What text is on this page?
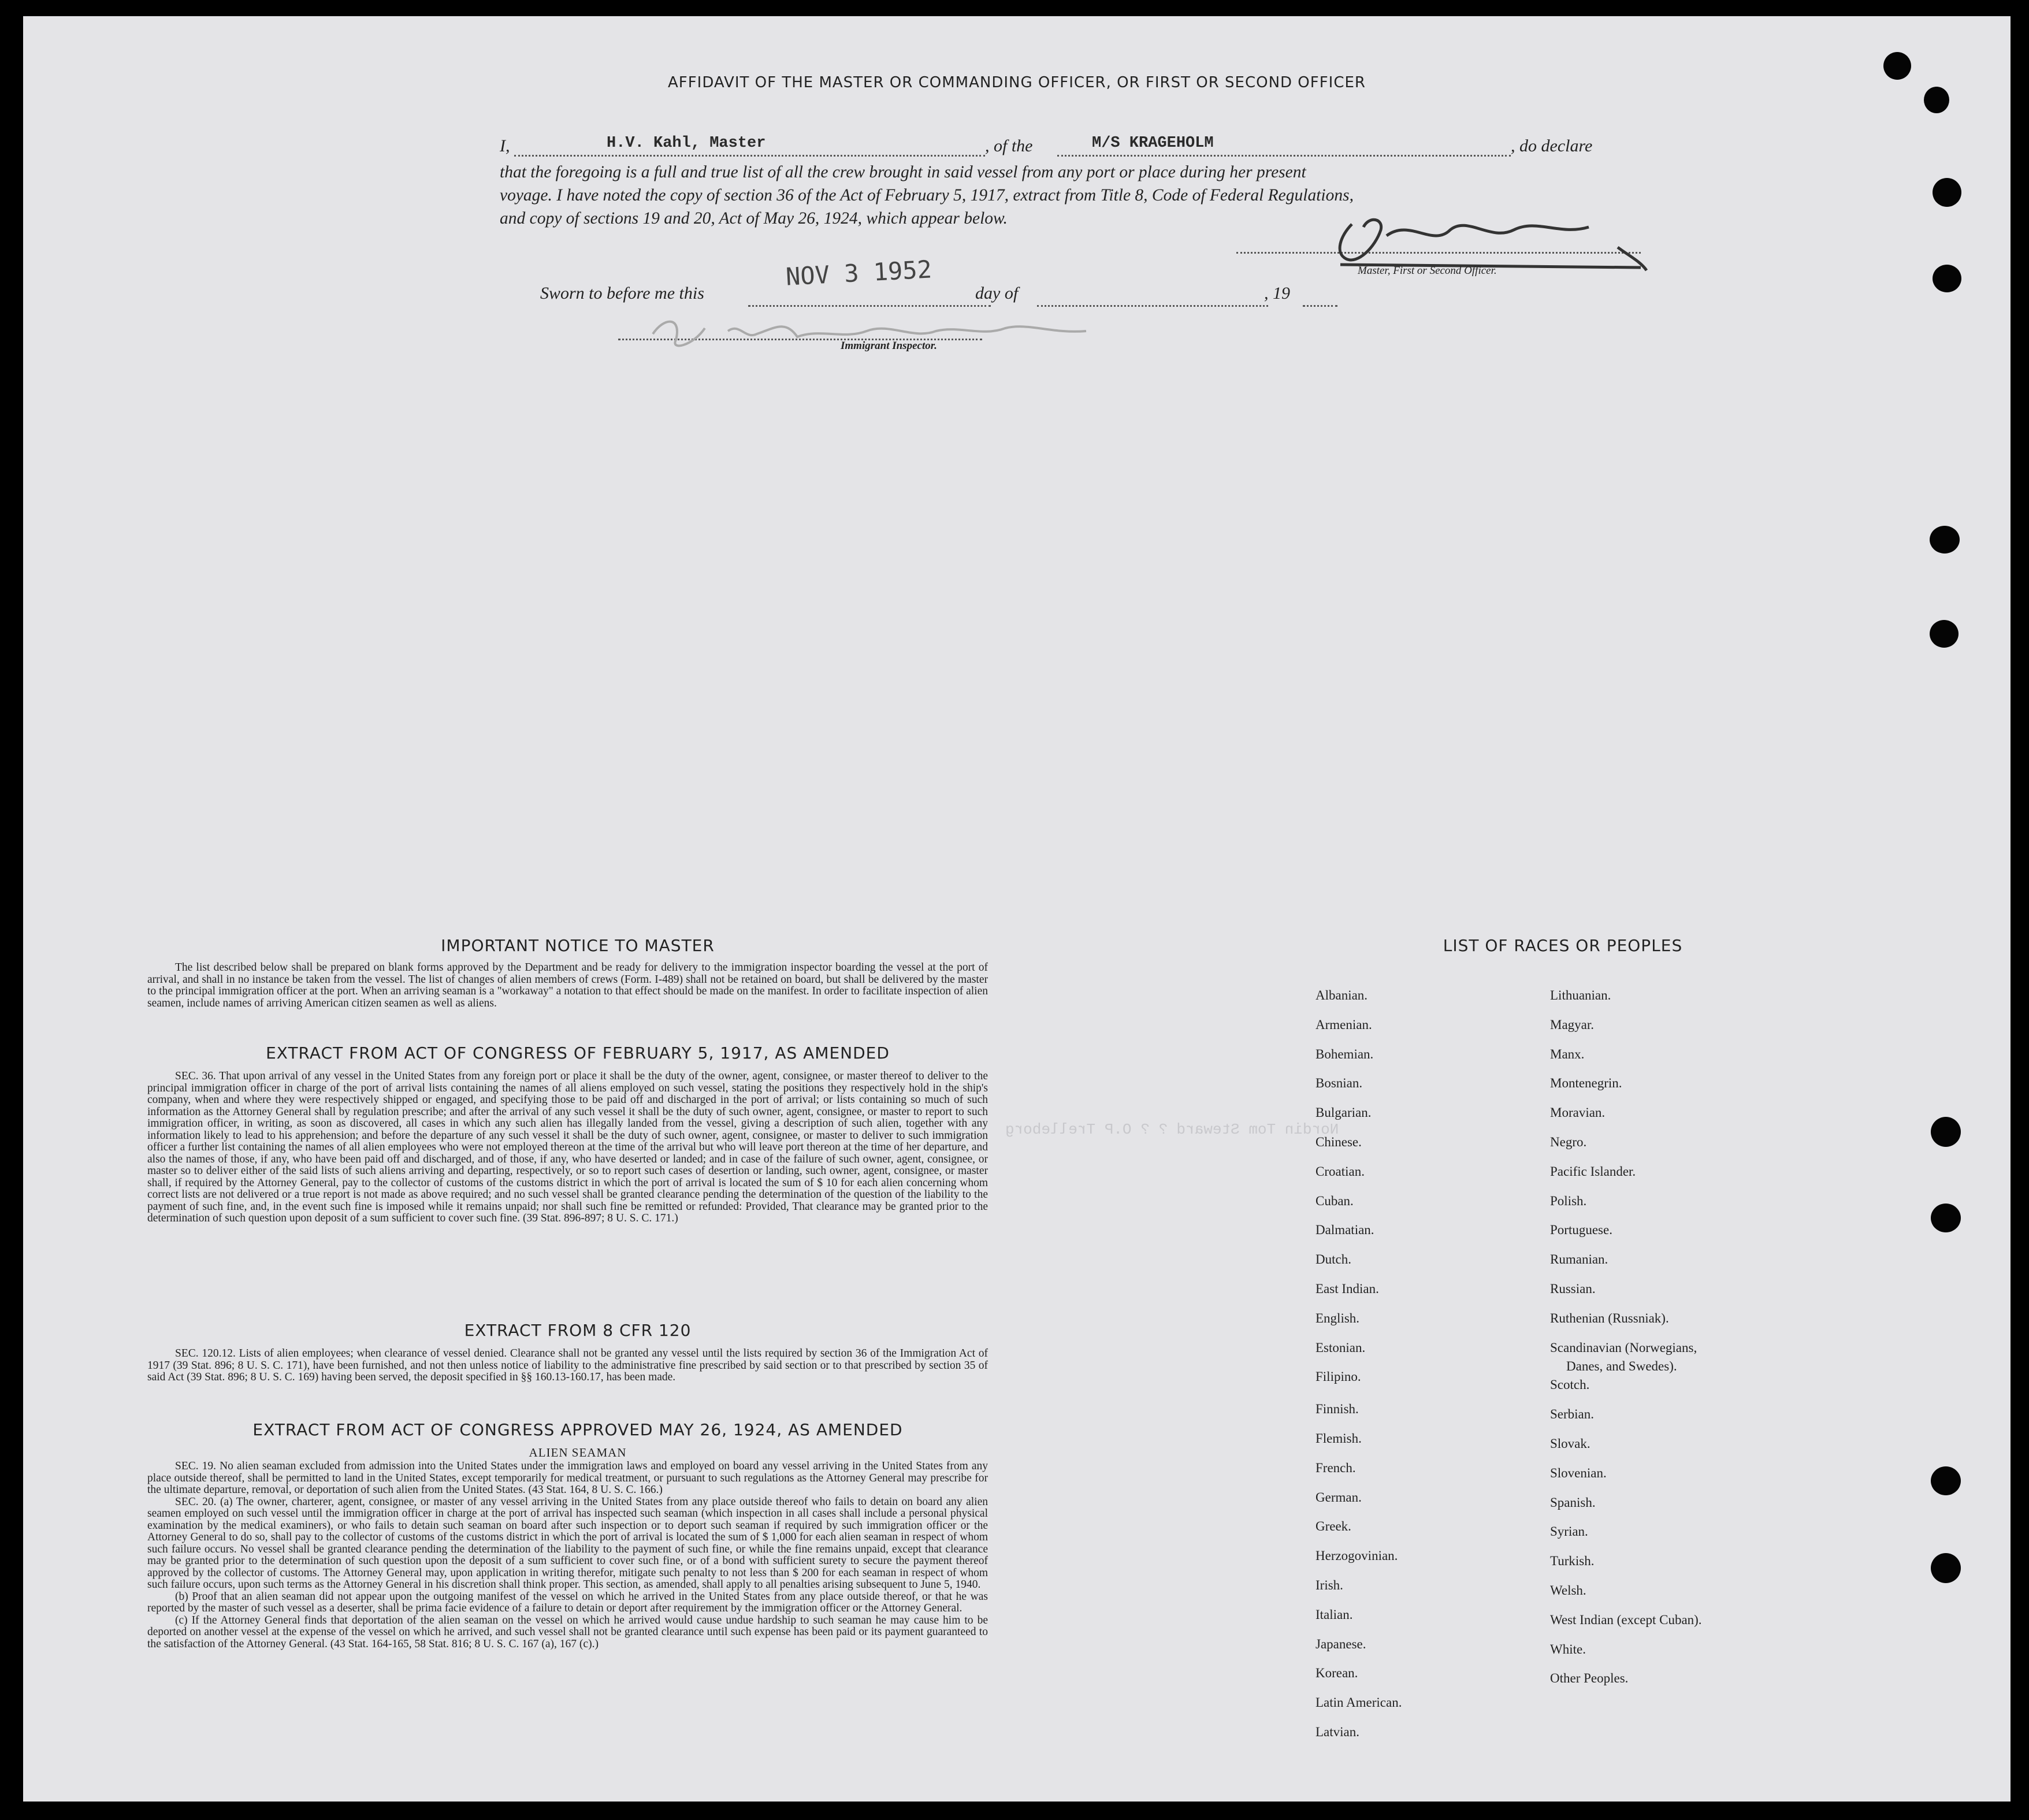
AFFIDAVIT OF THE MASTER OR COMMANDING OFFICER, OR FIRST OR SECOND OFFICER
I,	H.V. Kahl, Master	, of the	M/S KRAGEHOLM	, do declare
that the foregoing is a full and true list of all the crew brought in said vessel from any port or place during her present
voyage. I have noted the copy of section 36 of the Act of February 5, 1917, extract from Title 8, Code of Federal Regulations,
and copy of sections 19 and 20, Act of May 26, 1924, which appear below.
Master, First or Second Officer.
Sworn to before me this
NOV 3 1952
day of	, 19
Immigrant Inspector.
Nordin Tom Steward ? ? O.P Trelleborg
IMPORTANT NOTICE TO MASTER
The list described below shall be prepared on blank forms approved by the Department and be ready for delivery to the immigration inspector boarding the vessel at the port of arrival, and shall in no instance be taken from the vessel. The list of changes of alien members of crews (Form. I-489) shall not be retained on board, but shall be delivered by the master to the principal immigration officer at the port. When an arriving seaman is a "workaway" a notation to that effect should be made on the manifest. In order to facilitate inspection of alien seamen, include names of arriving American citizen seamen as well as aliens.
EXTRACT FROM ACT OF CONGRESS OF FEBRUARY 5, 1917, AS AMENDED
SEC. 36. That upon arrival of any vessel in the United States from any foreign port or place it shall be the duty of the owner, agent, consignee, or master thereof to deliver to the principal immigration officer in charge of the port of arrival lists containing the names of all aliens employed on such vessel, stating the positions they respectively hold in the ship's company, when and where they were respectively shipped or engaged, and specifying those to be paid off and discharged in the port of arrival; or lists containing so much of such information as the Attorney General shall by regulation prescribe; and after the arrival of any such vessel it shall be the duty of such owner, agent, consignee, or master to report to such immigration officer, in writing, as soon as discovered, all cases in which any such alien has illegally landed from the vessel, giving a description of such alien, together with any information likely to lead to his apprehension; and before the departure of any such vessel it shall be the duty of such owner, agent, consignee, or master to deliver to such immigration officer a further list containing the names of all alien employees who were not employed thereon at the time of the arrival but who will leave port thereon at the time of her departure, and also the names of those, if any, who have been paid off and discharged, and of those, if any, who have deserted or landed; and in case of the failure of such owner, agent, consignee, or master so to deliver either of the said lists of such aliens arriving and departing, respectively, or so to report such cases of desertion or landing, such owner, agent, consignee, or master shall, if required by the Attorney General, pay to the collector of customs of the customs district in which the port of arrival is located the sum of $ 10 for each alien concerning whom correct lists are not delivered or a true report is not made as above required; and no such vessel shall be granted clearance pending the determination of the question of the liability to the payment of such fine, and, in the event such fine is imposed while it remains unpaid; nor shall such fine be remitted or refunded: Provided, That clearance may be granted prior to the determination of such question upon deposit of a sum sufficient to cover such fine. (39 Stat. 896-897; 8 U. S. C. 171.)
EXTRACT FROM 8 CFR 120
SEC. 120.12. Lists of alien employees; when clearance of vessel denied. Clearance shall not be granted any vessel until the lists required by section 36 of the Immigration Act of 1917 (39 Stat. 896; 8 U. S. C. 171), have been furnished, and not then unless notice of liability to the administrative fine prescribed by said section or to that prescribed by section 35 of said Act (39 Stat. 896; 8 U. S. C. 169) having been served, the deposit specified in §§ 160.13-160.17, has been made.
EXTRACT FROM ACT OF CONGRESS APPROVED MAY 26, 1924, AS AMENDED
ALIEN SEAMAN
SEC. 19. No alien seaman excluded from admission into the United States under the immigration laws and employed on board any vessel arriving in the United States from any place outside thereof, shall be permitted to land in the United States, except temporarily for medical treatment, or pursuant to such regulations as the Attorney General may prescribe for the ultimate departure, removal, or deportation of such alien from the United States. (43 Stat. 164, 8 U. S. C. 166.)
SEC. 20. (a) The owner, charterer, agent, consignee, or master of any vessel arriving in the United States from any place outside thereof who fails to detain on board any alien seamen employed on such vessel until the immigration officer in charge at the port of arrival has inspected such seaman (which inspection in all cases shall include a personal physical examination by the medical examiners), or who fails to detain such seaman on board after such inspection or to deport such seaman if required by such immigration officer or the Attorney General to do so, shall pay to the collector of customs of the customs district in which the port of arrival is located the sum of $ 1,000 for each alien seaman in respect of whom such failure occurs. No vessel shall be granted clearance pending the determination of the liability to the payment of such fine, or while the fine remains unpaid, except that clearance may be granted prior to the determination of such question upon the deposit of a sum sufficient to cover such fine, or of a bond with sufficient surety to secure the payment thereof approved by the collector of customs. The Attorney General may, upon application in writing therefor, mitigate such penalty to not less than $ 200 for each seaman in respect of whom such failure occurs, upon such terms as the Attorney General in his discretion shall think proper. This section, as amended, shall apply to all penalties arising subsequent to June 5, 1940.
(b) Proof that an alien seaman did not appear upon the outgoing manifest of the vessel on which he arrived in the United States from any place outside thereof, or that he was reported by the master of such vessel as a deserter, shall be prima facie evidence of a failure to detain or deport after requirement by the immigration officer or the Attorney General.
(c) If the Attorney General finds that deportation of the alien seaman on the vessel on which he arrived would cause undue hardship to such seaman he may cause him to be deported on another vessel at the expense of the vessel on which he arrived, and such vessel shall not be granted clearance until such expense has been paid or its payment guaranteed to the satisfaction of the Attorney General. (43 Stat. 164-165, 58 Stat. 816; 8 U. S. C. 167 (a), 167 (c).)
LIST OF RACES OR PEOPLES
Albanian.
Armenian.
Bohemian.
Bosnian.
Bulgarian.
Chinese.
Croatian.
Cuban.
Dalmatian.
Dutch.
East Indian.
English.
Estonian.
Filipino.
Finnish.
Flemish.
French.
German.
Greek.
Herzogovinian.
Irish.
Italian.
Japanese.
Korean.
Latin American.
Latvian.
Lithuanian.
Magyar.
Manx.
Montenegrin.
Moravian.
Negro.
Pacific Islander.
Polish.
Portuguese.
Rumanian.
Russian.
Ruthenian (Russniak).
Scandinavian (Norwegians,
Danes, and Swedes).
Scotch.
Serbian.
Slovak.
Slovenian.
Spanish.
Syrian.
Turkish.
Welsh.
West Indian (except Cuban).
White.
Other Peoples.
